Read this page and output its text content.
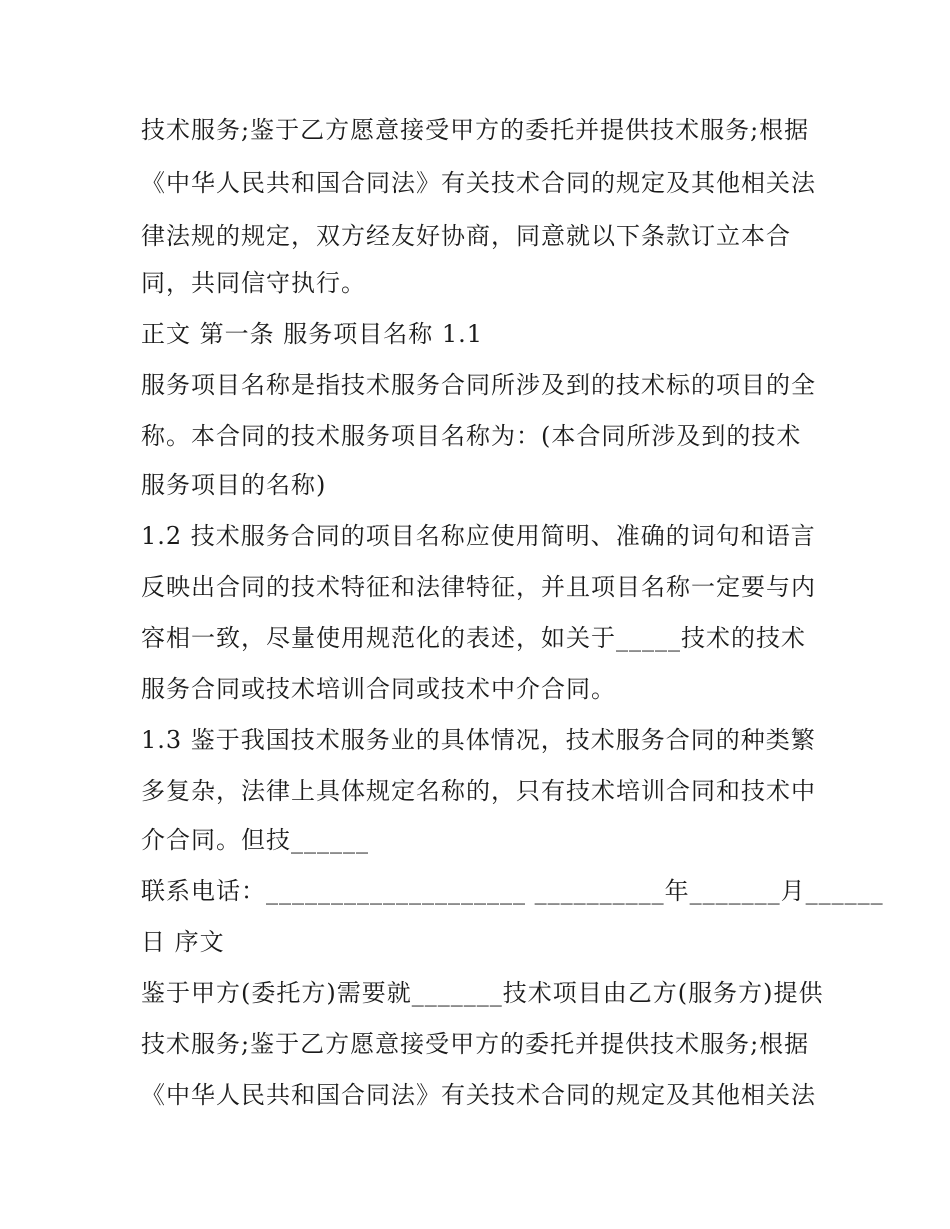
技术服务;鉴于乙方愿意接受甲方的委托并提供技术服务;根据

《中华人民共和国合同法》有关技术合同的规定及其他相关法

律法规的规定，双方经友好协商，同意就以下条款订立本合

同，共同信守执行。

正文 第一条 服务项目名称 1.1

服务项目名称是指技术服务合同所涉及到的技术标的项目的全

称。本合同的技术服务项目名称为：(本合同所涉及到的技术

服务项目的名称)

1.2 技术服务合同的项目名称应使用简明、准确的词句和语言

反映出合同的技术特征和法律特征，并且项目名称一定要与内

容相一致，尽量使用规范化的表述，如关于_____技术的技术

服务合同或技术培训合同或技术中介合同。

1.3 鉴于我国技术服务业的具体情况，技术服务合同的种类繁

多复杂，法律上具体规定名称的，只有技术培训合同和技术中

介合同。但技______

联系电话：____________________ __________年_______月______

日 序文

鉴于甲方(委托方)需要就_______技术项目由乙方(服务方)提供

技术服务;鉴于乙方愿意接受甲方的委托并提供技术服务;根据

《中华人民共和国合同法》有关技术合同的规定及其他相关法
